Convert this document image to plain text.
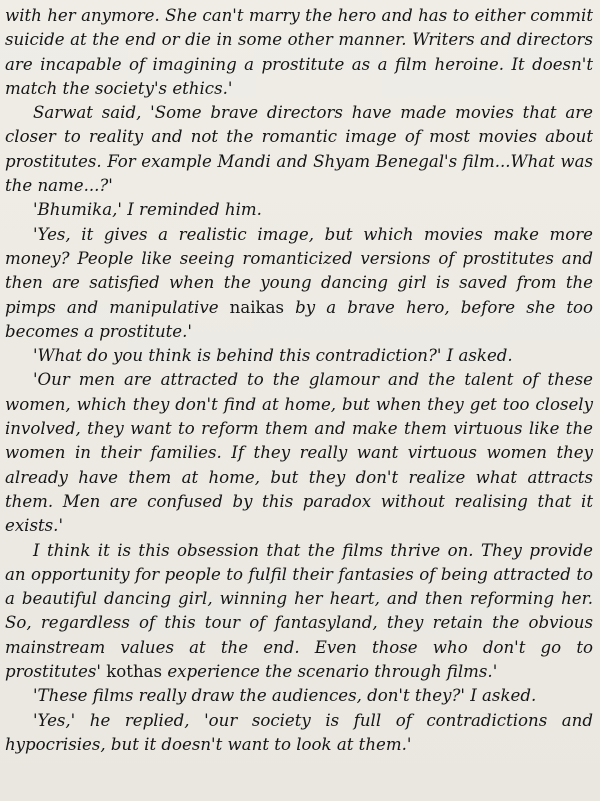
with her anymore. She can't marry the hero and has to either commit suicide at the end or die in some other manner. Writers and directors are incapable of imagining a prostitute as a film heroine. It doesn't match the society's ethics.'

Sarwat said, 'Some brave directors have made movies that are closer to reality and not the romantic image of most movies about prostitutes. For example Mandi and Shyam Benegal's film...What was the name...?'

'Bhumika,' I reminded him.

'Yes, it gives a realistic image, but which movies make more money? People like seeing romanticized versions of prostitutes and then are satisfied when the young dancing girl is saved from the pimps and manipulative naikas by a brave hero, before she too becomes a prostitute.'

'What do you think is behind this contradiction?' I asked.

'Our men are attracted to the glamour and the talent of these women, which they don't find at home, but when they get too closely involved, they want to reform them and make them virtuous like the women in their families. If they really want virtuous women they already have them at home, but they don't realize what attracts them. Men are confused by this paradox without realising that it exists.'

I think it is this obsession that the films thrive on. They provide an opportunity for people to fulfil their fantasies of being attracted to a beautiful dancing girl, winning her heart, and then reforming her. So, regardless of this tour of fantasyland, they retain the obvious mainstream values at the end. Even those who don't go to prostitutes' kothas experience the scenario through films.'

'These films really draw the audiences, don't they?' I asked.

'Yes,' he replied, 'our society is full of contradictions and hypocrisies, but it doesn't want to look at them.'
